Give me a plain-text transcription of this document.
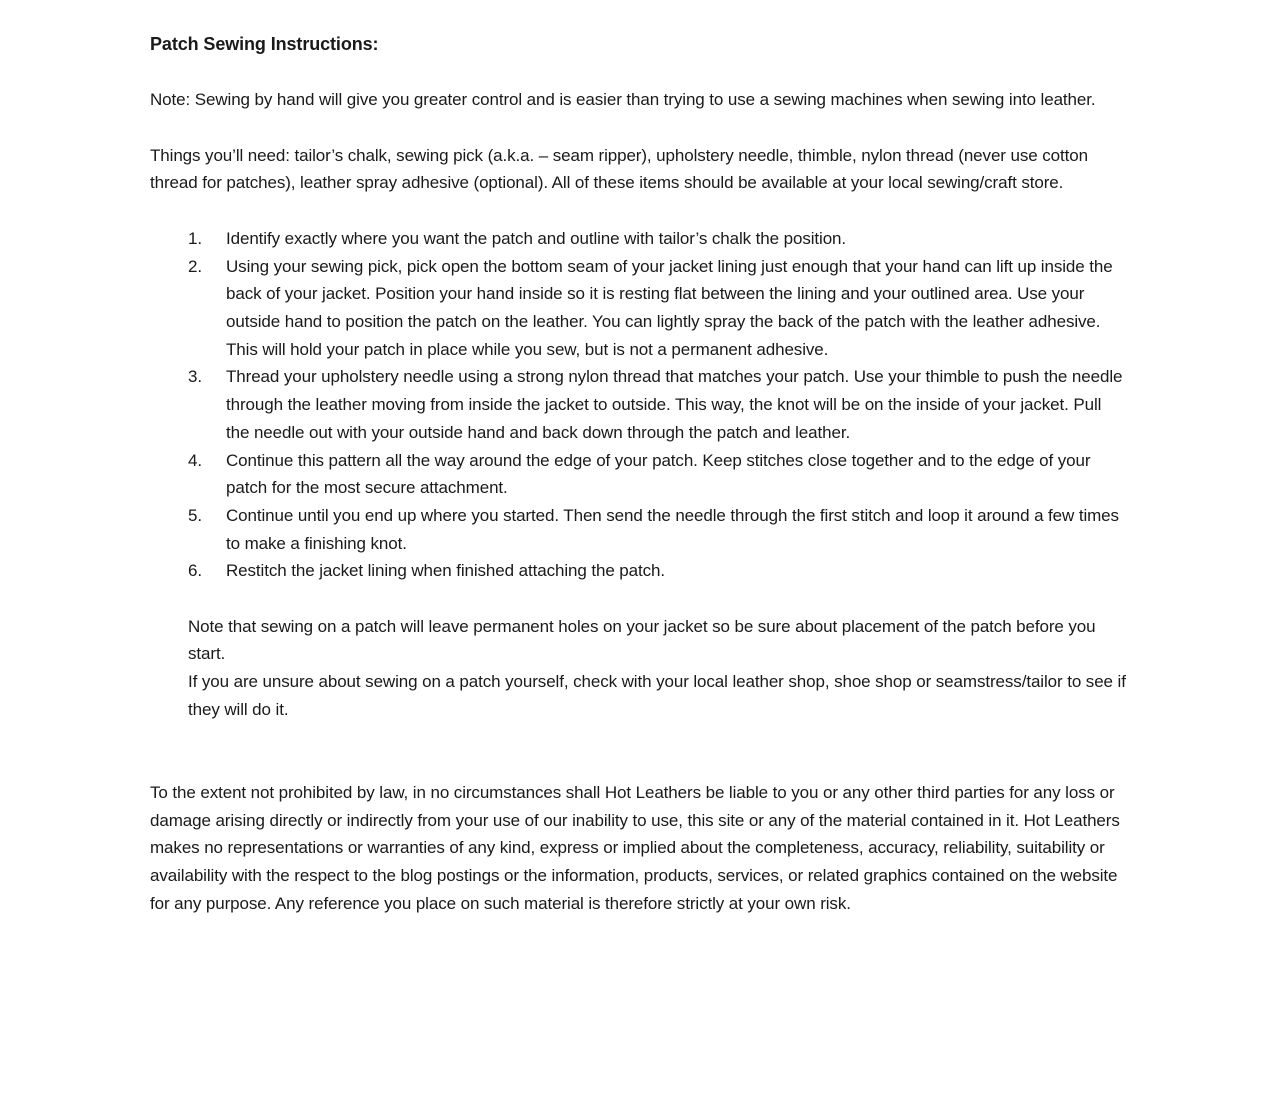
Patch Sewing Instructions:

Note: Sewing by hand will give you greater control and is easier than trying to use a sewing machines when sewing into leather.

Things you’ll need: tailor’s chalk, sewing pick (a.k.a. – seam ripper), upholstery needle, thimble, nylon thread (never use cotton thread for patches), leather spray adhesive (optional). All of these items should be available at your local sewing/craft store.

Identify exactly where you want the patch and outline with tailor’s chalk the position.
Using your sewing pick, pick open the bottom seam of your jacket lining just enough that your hand can lift up inside the back of your jacket. Position your hand inside so it is resting flat between the lining and your outlined area. Use your outside hand to position the patch on the leather. You can lightly spray the back of the patch with the leather adhesive. This will hold your patch in place while you sew, but is not a permanent adhesive.
Thread your upholstery needle using a strong nylon thread that matches your patch. Use your thimble to push the needle through the leather moving from inside the jacket to outside. This way, the knot will be on the inside of your jacket. Pull the needle out with your outside hand and back down through the patch and leather.
Continue this pattern all the way around the edge of your patch. Keep stitches close together and to the edge of your patch for the most secure attachment.
Continue until you end up where you started. Then send the needle through the first stitch and loop it around a few times to make a finishing knot.
Restitch the jacket lining when finished attaching the patch.

Note that sewing on a patch will leave permanent holes on your jacket so be sure about placement of the patch before you start.

If you are unsure about sewing on a patch yourself, check with your local leather shop, shoe shop or seamstress/tailor to see if they will do it.

To the extent not prohibited by law, in no circumstances shall Hot Leathers be liable to you or any other third parties for any loss or damage arising directly or indirectly from your use of our inability to use, this site or any of the material contained in it. Hot Leathers makes no representations or warranties of any kind, express or implied about the completeness, accuracy, reliability, suitability or availability with the respect to the blog postings or the information, products, services, or related graphics contained on the website for any purpose. Any reference you place on such material is therefore strictly at your own risk.
